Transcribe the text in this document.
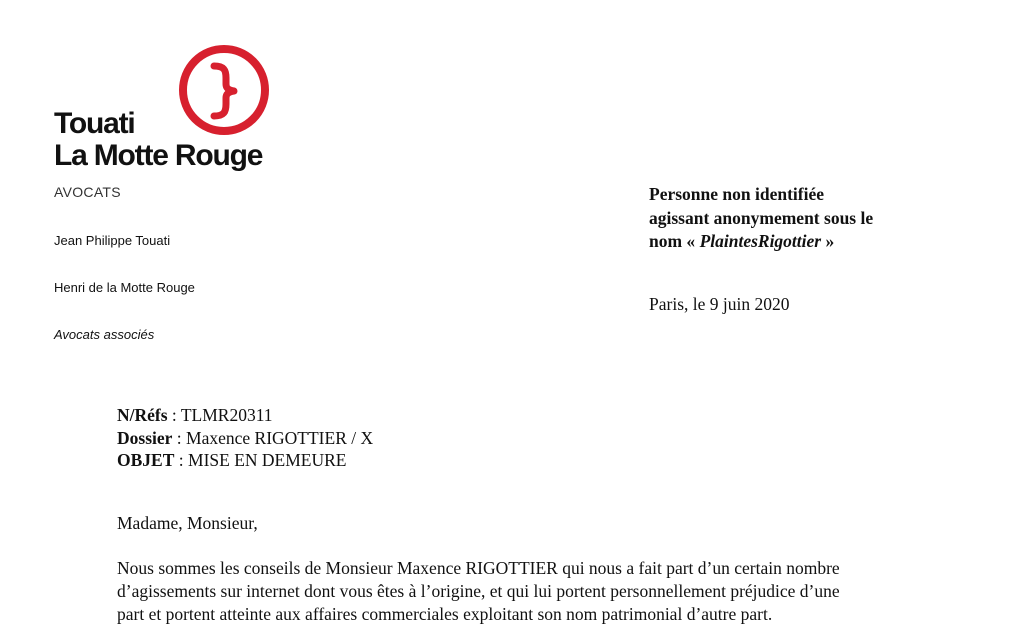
Touati
La Motte Rouge
AVOCATS
Jean Philippe Touati
Henri de la Motte Rouge
Avocats associés
Personne non identifiée
agissant anonymement sous le
nom « PlaintesRigottier »
Paris, le 9 juin 2020
N/Réfs : TLMR20311
Dossier : Maxence RIGOTTIER / X
OBJET : MISE EN DEMEURE
Madame, Monsieur,
Nous sommes les conseils de Monsieur Maxence RIGOTTIER qui nous a fait part d’un certain nombre
d’agissements sur internet dont vous êtes à l’origine, et qui lui portent personnellement préjudice d’une
part et portent atteinte aux affaires commerciales exploitant son nom patrimonial d’autre part.
